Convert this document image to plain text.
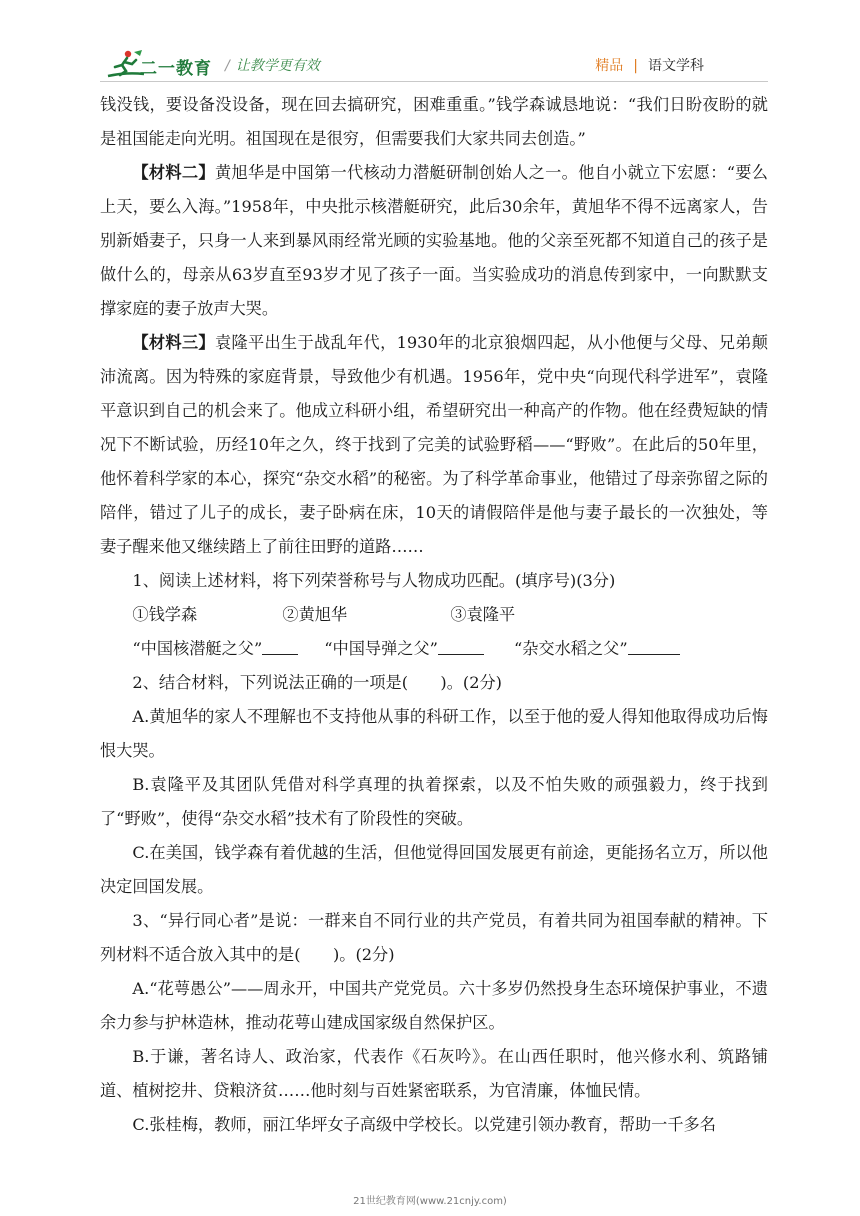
二一教育 / 让教学更有效	精品 | 语文学科

钱没钱，要设备没设备，现在回去搞研究，困难重重。”钱学森诚恳地说：“我们日盼夜盼的就是祖国能走向光明。祖国现在是很穷，但需要我们大家共同去创造。”

【材料二】黄旭华是中国第一代核动力潜艇研制创始人之一。他自小就立下宏愿：“要么上天，要么入海。”1958年，中央批示核潜艇研究，此后30余年，黄旭华不得不远离家人，告别新婚妻子，只身一人来到暴风雨经常光顾的实验基地。他的父亲至死都不知道自己的孩子是做什么的，母亲从63岁直至93岁才见了孩子一面。当实验成功的消息传到家中，一向默默支撑家庭的妻子放声大哭。

【材料三】袁隆平出生于战乱年代，1930年的北京狼烟四起，从小他便与父母、兄弟颠沛流离。因为特殊的家庭背景，导致他少有机遇。1956年，党中央“向现代科学进军”，袁隆平意识到自己的机会来了。他成立科研小组，希望研究出一种高产的作物。他在经费短缺的情况下不断试验，历经10年之久，终于找到了完美的试验野稻——“野败”。在此后的50年里，他怀着科学家的本心，探究“杂交水稻”的秘密。为了科学革命事业，他错过了母亲弥留之际的陪伴，错过了儿子的成长，妻子卧病在床，10天的请假陪伴是他与妻子最长的一次独处，等妻子醒来他又继续踏上了前往田野的道路……

1、阅读上述材料，将下列荣誉称号与人物成功匹配。(填序号)(3分)

①钱学森	②黄旭华	③袁隆平
“中国核潜艇之父”	“中国导弹之父”	“杂交水稻之父”

2、结合材料，下列说法正确的一项是(　　)。(2分)

A.黄旭华的家人不理解也不支持他从事的科研工作，以至于他的爱人得知他取得成功后悔恨大哭。

B.袁隆平及其团队凭借对科学真理的执着探索，以及不怕失败的顽强毅力，终于找到了“野败”，使得“杂交水稻”技术有了阶段性的突破。

C.在美国，钱学森有着优越的生活，但他觉得回国发展更有前途，更能扬名立万，所以他决定回国发展。

3、“异行同心者”是说：一群来自不同行业的共产党员，有着共同为祖国奉献的精神。下列材料不适合放入其中的是(　　)。(2分)

A.“花萼愚公”——周永开，中国共产党党员。六十多岁仍然投身生态环境保护事业，不遗余力参与护林造林，推动花萼山建成国家级自然保护区。

B.于谦，著名诗人、政治家，代表作《石灰吟》。在山西任职时，他兴修水利、筑路铺道、植树挖井、贷粮济贫……他时刻与百姓紧密联系，为官清廉，体恤民情。

C.张桂梅，教师，丽江华坪女子高级中学校长。以党建引领办教育，帮助一千多名

21世纪教育网(www.21cnjy.com)
